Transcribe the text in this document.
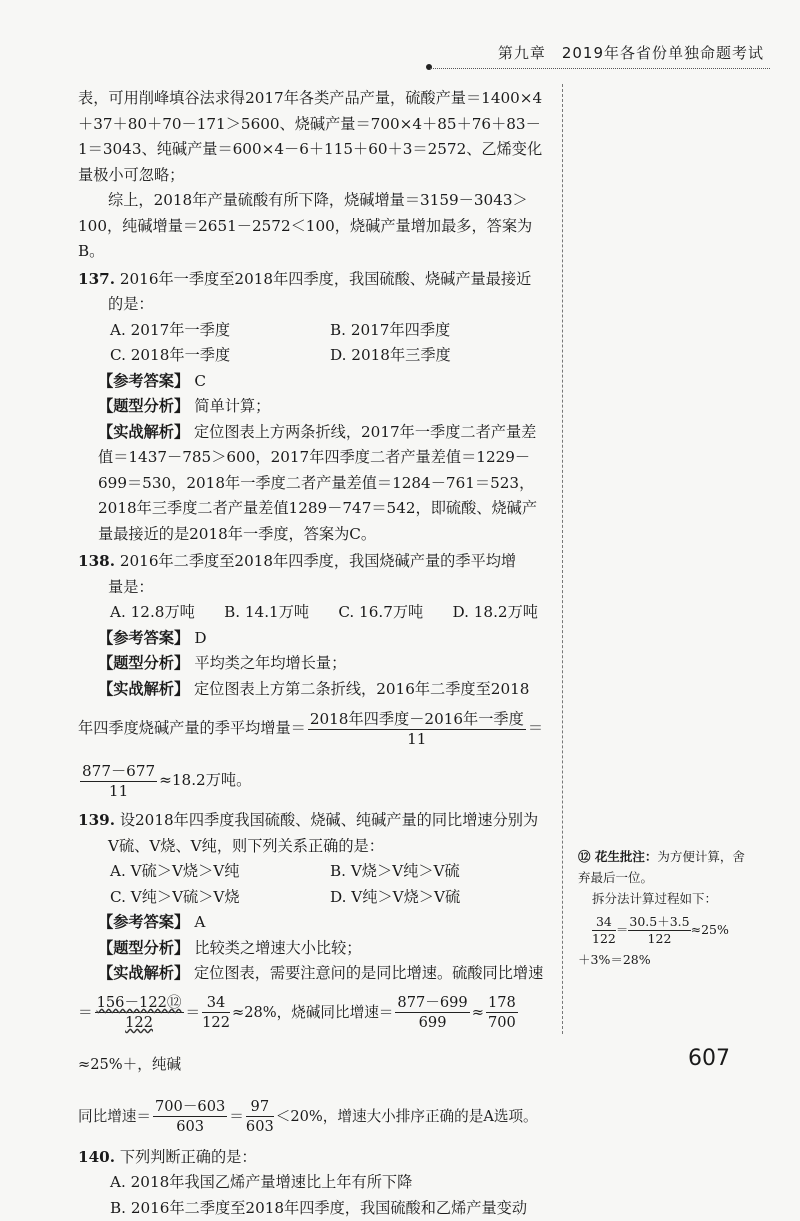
第九章　2019年各省份单独命题考试

表，可用削峰填谷法求得2017年各类产品产量，硫酸产量＝1400×4＋37＋80＋70－171＞5600、烧碱产量＝700×4＋85＋76＋83－1＝3043、纯碱产量＝600×4－6＋115＋60＋3＝2572、乙烯变化量极小可忽略；

综上，2018年产量硫酸有所下降，烧碱增量＝3159－3043＞100，纯碱增量＝2651－2572＜100，烧碱产量增加最多，答案为B。

137. 2016年一季度至2018年四季度，我国硫酸、烧碱产量最接近

的是：

A. 2017年一季度	B. 2017年四季度
C. 2018年一季度	D. 2018年三季度

【参考答案】 C

【题型分析】 简单计算；

【实战解析】 定位图表上方两条折线，2017年一季度二者产量差值＝1437－785＞600，2017年四季度二者产量差值＝1229－699＝530，2018年一季度二者产量差值＝1284－761＝523，2018年三季度二者产量差值1289－747＝542，即硫酸、烧碱产量最接近的是2018年一季度，答案为C。

138. 2016年二季度至2018年四季度，我国烧碱产量的季平均增

量是：

A. 12.8万吨 B. 14.1万吨 C. 16.7万吨 D. 18.2万吨

【参考答案】 D

【题型分析】 平均类之年均增长量；

【实战解析】 定位图表上方第二条折线，2016年二季度至2018

年四季度烧碱产量的季平均增量＝ $\frac{\text{2018年四季度－2016年一季度}}{11}$ ＝

$\frac{877-677}{11} \approx 18.2$万吨。

139. 设2018年四季度我国硫酸、烧碱、纯碱产量的同比增速分别为

V硫、V烧、V纯，则下列关系正确的是：

A. V硫＞V烧＞V纯	B. V烧＞V纯＞V硫
C. V纯＞V硫＞V烧	D. V纯＞V烧＞V硫

【参考答案】 A

【题型分析】 比较类之增速大小比较；

【实战解析】 定位图表，需要注意问的是同比增速。硫酸同比增速

＝ $\frac{\text{156－122⑫}}{122} = \frac{34}{122} \approx 28\%$，烧碱同比增速＝ $\frac{877-699}{699} \approx \frac{178}{700}$
≈25%＋，纯碱

同比增速＝ $\frac{700-603}{603} = \frac{97}{603} <20\%$，增速大小排序正确的是A选项。

140. 下列判断正确的是：

A. 2018年我国乙烯产量增速比上年有所下降

B. 2016年二季度至2018年四季度，我国硫酸和乙烯产量变动

⑫ 花生批注：为方便计算，舍弃最后一位。

拆分法计算过程如下：

$\frac{34}{122} = \frac{30.5+3.5}{122} \approx 25\%$

＋3%＝28%

607
